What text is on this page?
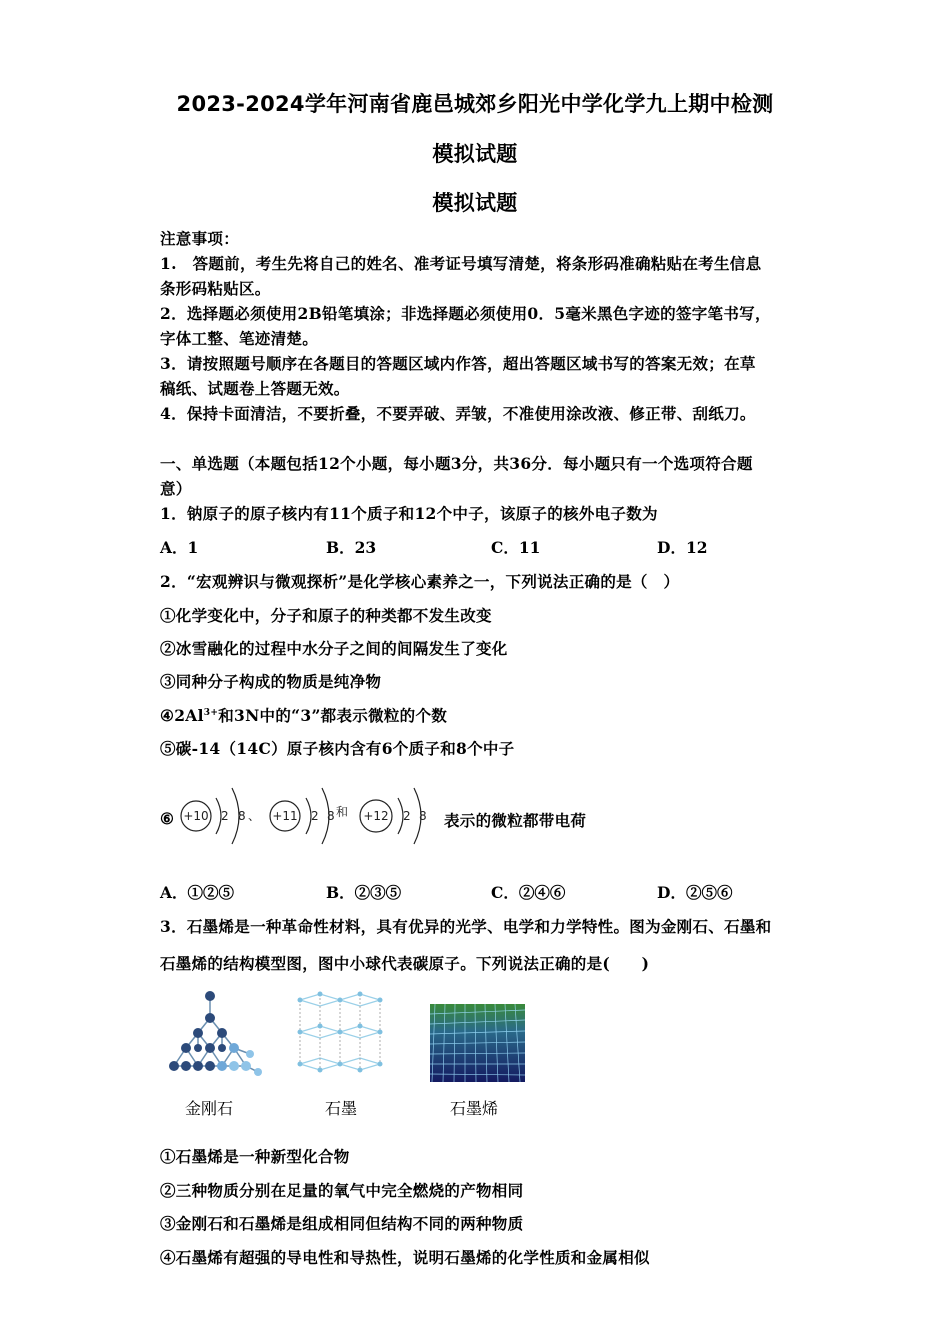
2023-2024学年河南省鹿邑城郊乡阳光中学化学九上期中检测
模拟试题
模拟试题
注意事项：
1.　答题前，考生先将自己的姓名、准考证号填写清楚，将条形码准确粘贴在考生信息
条形码粘贴区。
2．选择题必须使用2B铅笔填涂；非选择题必须使用0．5毫米黑色字迹的签字笔书写，
字体工整、笔迹清楚。
3．请按照题号顺序在各题目的答题区域内作答，超出答题区域书写的答案无效；在草
稿纸、试题卷上答题无效。
4．保持卡面清洁，不要折叠，不要弄破、弄皱，不准使用涂改液、修正带、刮纸刀。
一、单选题（本题包括12个小题，每小题3分，共36分．每小题只有一个选项符合题
意）
1．钠原子的原子核内有11个质子和12个中子，该原子的核外电子数为
A．1	B．23	C．11	D．12
2．“宏观辨识与微观探析”是化学核心素养之一，下列说法正确的是（　）
①化学变化中，分子和原子的种类都不发生改变
②冰雪融化的过程中水分子之间的间隔发生了变化
③同种分子构成的物质是纯净物
$④2Al^{3+}$和3N中的“3”都表示微粒的个数
⑤碳-14（14C）原子核内含有6个质子和8个中子
⑥ +10 2 8 、 +11 2 8 和 +12 2 8 表示的微粒都带电荷
A．①②⑤	B．②③⑤	C．②④⑥	D．②⑤⑥
3．石墨烯是一种革命性材料，具有优异的光学、电学和力学特性。图为金刚石、石墨和
石墨烯的结构模型图，图中小球代表碳原子。下列说法正确的是(　　)
金刚石	石墨	石墨烯
①石墨烯是一种新型化合物
②三种物质分别在足量的氧气中完全燃烧的产物相同
③金刚石和石墨烯是组成相同但结构不同的两种物质
④石墨烯有超强的导电性和导热性，说明石墨烯的化学性质和金属相似
